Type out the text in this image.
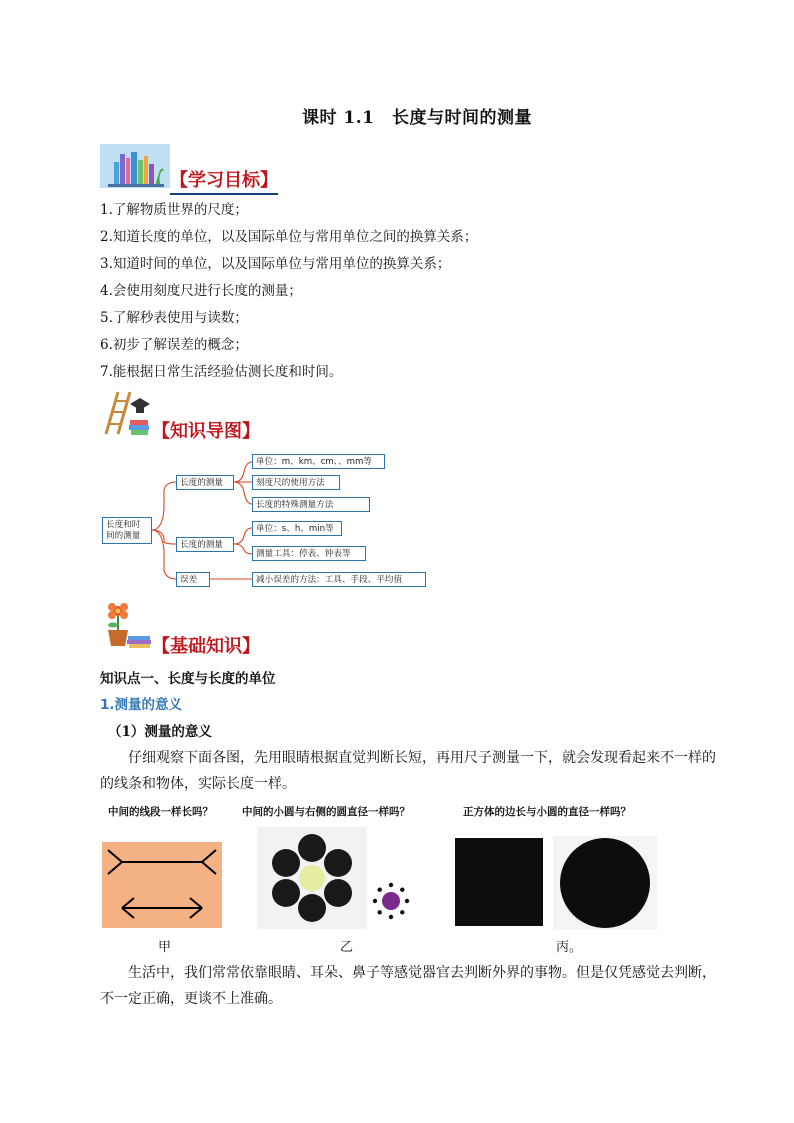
课时 1.1　长度与时间的测量
【学习目标】
1.了解物质世界的尺度；
2.知道长度的单位，以及国际单位与常用单位之间的换算关系；
3.知道时间的单位，以及国际单位与常用单位的换算关系；
4.会使用刻度尺进行长度的测量；
5.了解秒表使用与读数；
6.初步了解误差的概念；
7.能根据日常生活经验估测长度和时间。
【知识导图】
长度和时
间的测量
长度的测量
单位：m、km、cm、、mm等
刻度尺的使用方法
长度的特殊测量方法
长度的测量
单位：s、h、min等
测量工具：停表、钟表等
误差	减小误差的方法：工具、手段、平均值
【基础知识】
知识点一、长度与长度的单位
1.测量的意义
（1）测量的意义
仔细观察下面各图，先用眼睛根据直觉判断长短，再用尺子测量一下，就会发现看起来不一样的的线条和物体，实际长度一样。
中间的线段一样长吗？	中间的小圆与右侧的圆直径一样吗？	正方体的边长与小圆的直径一样吗？
甲	乙	丙。
生活中，我们常常依靠眼睛、耳朵、鼻子等感觉器官去判断外界的事物。但是仅凭感觉去判断，不一定正确，更谈不上准确。
